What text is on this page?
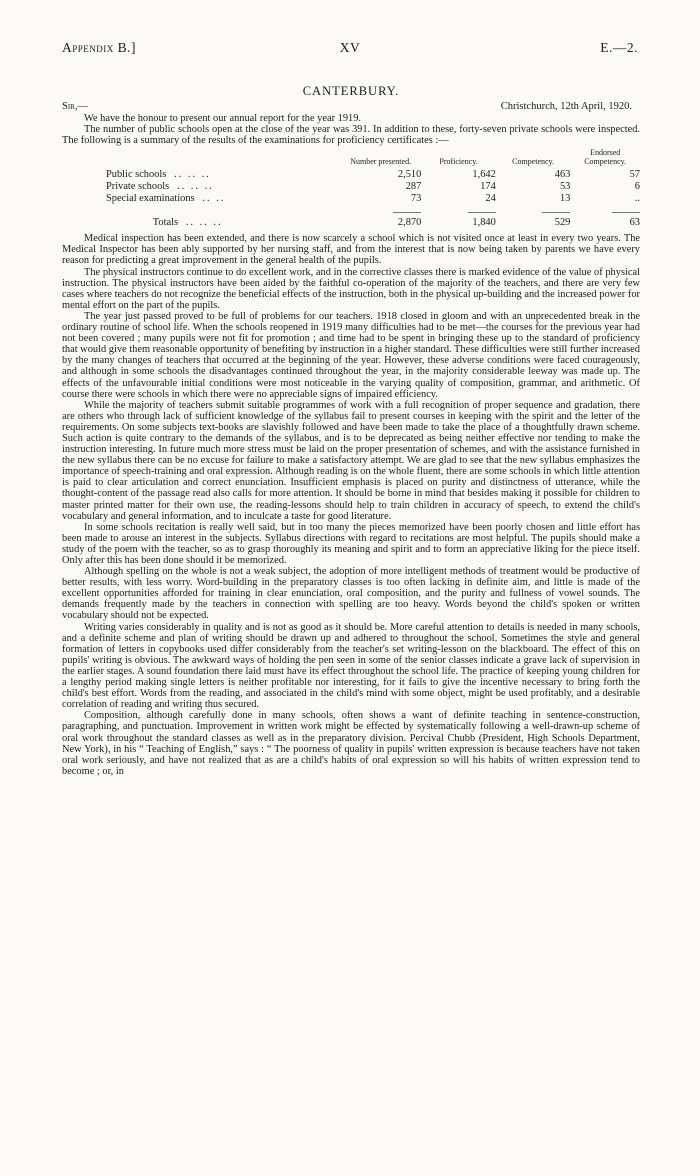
Appendix B.]	XV	E.—2.
CANTERBURY.
Sir,—	Christchurch, 12th April, 1920.

We have the honour to present our annual report for the year 1919.

The number of public schools open at the close of the year was 391. In addition to these, forty-seven private schools were inspected. The following is a summary of the results of the examinations for proficiency certificates :—

		Number presented.	Proficiency.	Competency.	Endorsed Competency.
Public schools .. .. ..		2,510	1,642	463	57
Private schools .. .. ..		287	174	53	6
Special examinations .. ..		73	24	13	..

Totals .. .. ..		2,870	1,840	529	63

Medical inspection has been extended, and there is now scarcely a school which is not visited once at least in every two years. The Medical Inspector has been ably supported by her nursing staff, and from the interest that is now being taken by parents we have every reason for predicting a great improvement in the general health of the pupils.

The physical instructors continue to do excellent work, and in the corrective classes there is marked evidence of the value of physical instruction. The physical instructors have been aided by the faithful co-operation of the majority of the teachers, and there are very few cases where teachers do not recognize the beneficial effects of the instruction, both in the physical up-building and the increased power for mental effort on the part of the pupils.

The year just passed proved to be full of problems for our teachers. 1918 closed in gloom and with an unprecedented break in the ordinary routine of school life. When the schools reopened in 1919 many difficulties had to be met—the courses for the previous year had not been covered ; many pupils were not fit for promotion ; and time had to be spent in bringing these up to the standard of proficiency that would give them reasonable opportunity of benefiting by instruction in a higher standard. These difficulties were still further increased by the many changes of teachers that occurred at the beginning of the year. However, these adverse conditions were faced courageously, and although in some schools the disadvantages continued throughout the year, in the majority considerable leeway was made up. The effects of the unfavourable initial conditions were most noticeable in the varying quality of composition, grammar, and arithmetic. Of course there were schools in which there were no appreciable signs of impaired efficiency.

While the majority of teachers submit suitable programmes of work with a full recognition of proper sequence and gradation, there are others who through lack of sufficient knowledge of the syllabus fail to present courses in keeping with the spirit and the letter of the requirements. On some subjects text-books are slavishly followed and have been made to take the place of a thoughtfully drawn scheme. Such action is quite contrary to the demands of the syllabus, and is to be deprecated as being neither effective nor tending to make the instruction interesting. In future much more stress must be laid on the proper presentation of schemes, and with the assistance furnished in the new syllabus there can be no excuse for failure to make a satisfactory attempt. We are glad to see that the new syllabus emphasizes the importance of speech-training and oral expression. Although reading is on the whole fluent, there are some schools in which little attention is paid to clear articulation and correct enunciation. Insufficient emphasis is placed on purity and distinctness of utterance, while the thought-content of the passage read also calls for more attention. It should be borne in mind that besides making it possible for children to master printed matter for their own use, the reading-lessons should help to train children in accuracy of speech, to extend the child's vocabulary and general information, and to inculcate a taste for good literature.

In some schools recitation is really well said, but in too many the pieces memorized have been poorly chosen and little effort has been made to arouse an interest in the subjects. Syllabus directions with regard to recitations are most helpful. The pupils should make a study of the poem with the teacher, so as to grasp thoroughly its meaning and spirit and to form an appreciative liking for the piece itself. Only after this has been done should it be memorized.

Although spelling on the whole is not a weak subject, the adoption of more intelligent methods of treatment would be productive of better results, with less worry. Word-building in the preparatory classes is too often lacking in definite aim, and little is made of the excellent opportunities afforded for training in clear enunciation, oral composition, and the purity and fullness of vowel sounds. The demands frequently made by the teachers in connection with spelling are too heavy. Words beyond the child's spoken or written vocabulary should not be expected.

Writing varies considerably in quality and is not as good as it should be. More careful attention to details is needed in many schools, and a definite scheme and plan of writing should be drawn up and adhered to throughout the school. Sometimes the style and general formation of letters in copybooks used differ considerably from the teacher's set writing-lesson on the blackboard. The effect of this on pupils' writing is obvious. The awkward ways of holding the pen seen in some of the senior classes indicate a grave lack of supervision in the earlier stages. A sound foundation there laid must have its effect throughout the school life. The practice of keeping young children for a lengthy period making single letters is neither profitable nor interesting, for it fails to give the incentive necessary to bring forth the child's best effort. Words from the reading, and associated in the child's mind with some object, might be used profitably, and a desirable correlation of reading and writing thus secured.

Composition, although carefully done in many schools, often shows a want of definite teaching in sentence-construction, paragraphing, and punctuation. Improvement in written work might be effected by systematically following a well-drawn-up scheme of oral work throughout the standard classes as well as in the preparatory division. Percival Chubb (President, High Schools Department, New York), in his “ Teaching of English,” says : “ The poorness of quality in pupils' written expression is because teachers have not taken oral work seriously, and have not realized that as are a child's habits of oral expression so will his habits of written expression tend to become ; or, in
